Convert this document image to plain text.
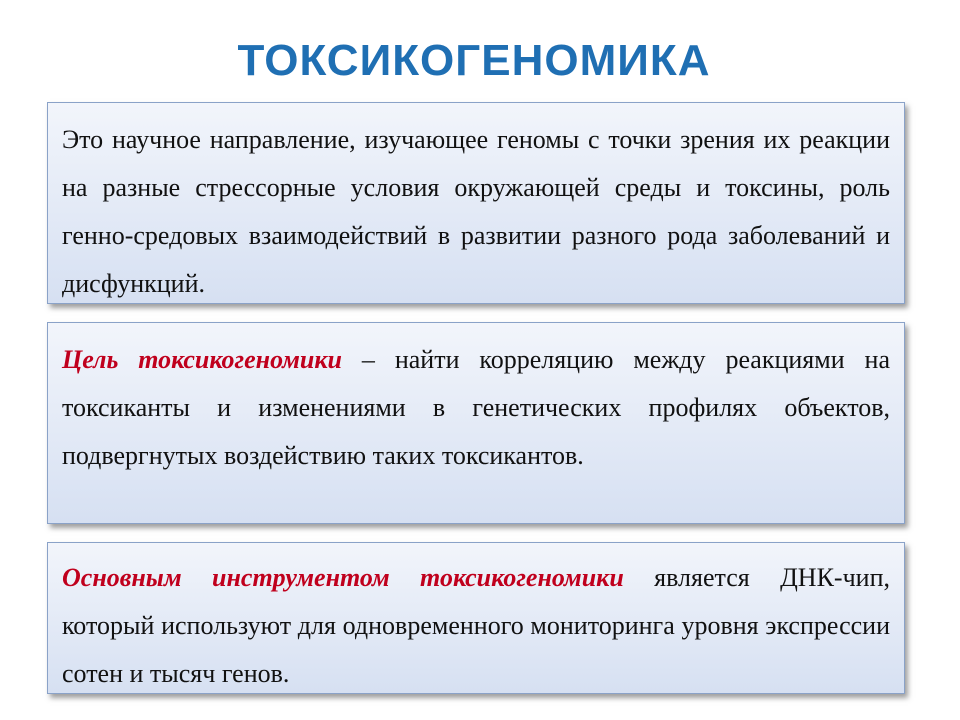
ТОКСИКОГЕНОМИКА
Это научное направление, изучающее геномы с точки зрения их реакции на разные стрессорные условия окружающей среды и токсины, роль генно-средовых взаимодействий в развитии разного рода заболеваний и дисфункций.
Цель токсикогеномики – найти корреляцию между реакциями на токсиканты и изменениями в генетических профилях объектов, подвергнутых воздействию таких токсикантов.
Основным инструментом токсикогеномики является ДНК-чип, который используют для одновременного мониторинга уровня экспрессии сотен и тысяч генов.
